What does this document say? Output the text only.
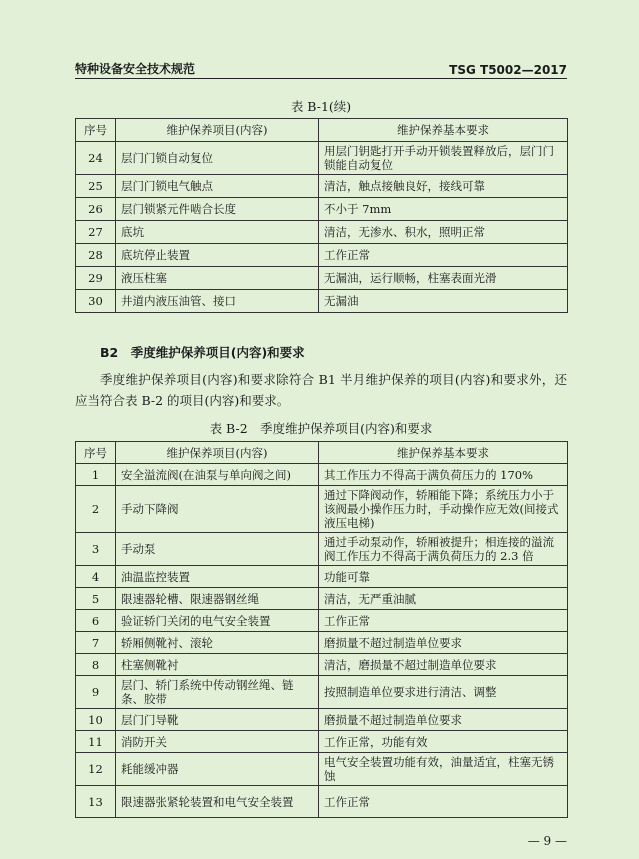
特种设备安全技术规范	TSG T5002—2017
表 B-1(续)
序号	维护保养项目(内容)	维护保养基本要求
24	层门门锁自动复位	用层门钥匙打开手动开锁装置释放后，层门门锁能自动复位
25	层门门锁电气触点	清洁，触点接触良好，接线可靠
26	层门锁紧元件啮合长度	不小于 7mm
27	底坑	清洁，无渗水、积水，照明正常
28	底坑停止装置	工作正常
29	液压柱塞	无漏油，运行顺畅，柱塞表面光滑
30	井道内液压油管、接口	无漏油
B2　季度维护保养项目(内容)和要求
季度维护保养项目(内容)和要求除符合 B1 半月维护保养的项目(内容)和要求外，还应当符合表 B-2 的项目(内容)和要求。
表 B-2　季度维护保养项目(内容)和要求
序号	维护保养项目(内容)	维护保养基本要求
1	安全溢流阀(在油泵与单向阀之间)	其工作压力不得高于满负荷压力的 170%
2	手动下降阀	通过下降阀动作，轿厢能下降；系统压力小于该阀最小操作压力时，手动操作应无效(间接式液压电梯)
3	手动泵	通过手动泵动作，轿厢被提升；相连接的溢流阀工作压力不得高于满负荷压力的 2.3 倍
4	油温监控装置	功能可靠
5	限速器轮槽、限速器钢丝绳	清洁，无严重油腻
6	验证轿门关闭的电气安全装置	工作正常
7	轿厢侧靴衬、滚轮	磨损量不超过制造单位要求
8	柱塞侧靴衬	清洁，磨损量不超过制造单位要求
9	层门、轿门系统中传动钢丝绳、链条、胶带	按照制造单位要求进行清洁、调整
10	层门门导靴	磨损量不超过制造单位要求
11	消防开关	工作正常，功能有效
12	耗能缓冲器	电气安全装置功能有效，油量适宜，柱塞无锈蚀
13	限速器张紧轮装置和电气安全装置	工作正常
— 9 —
